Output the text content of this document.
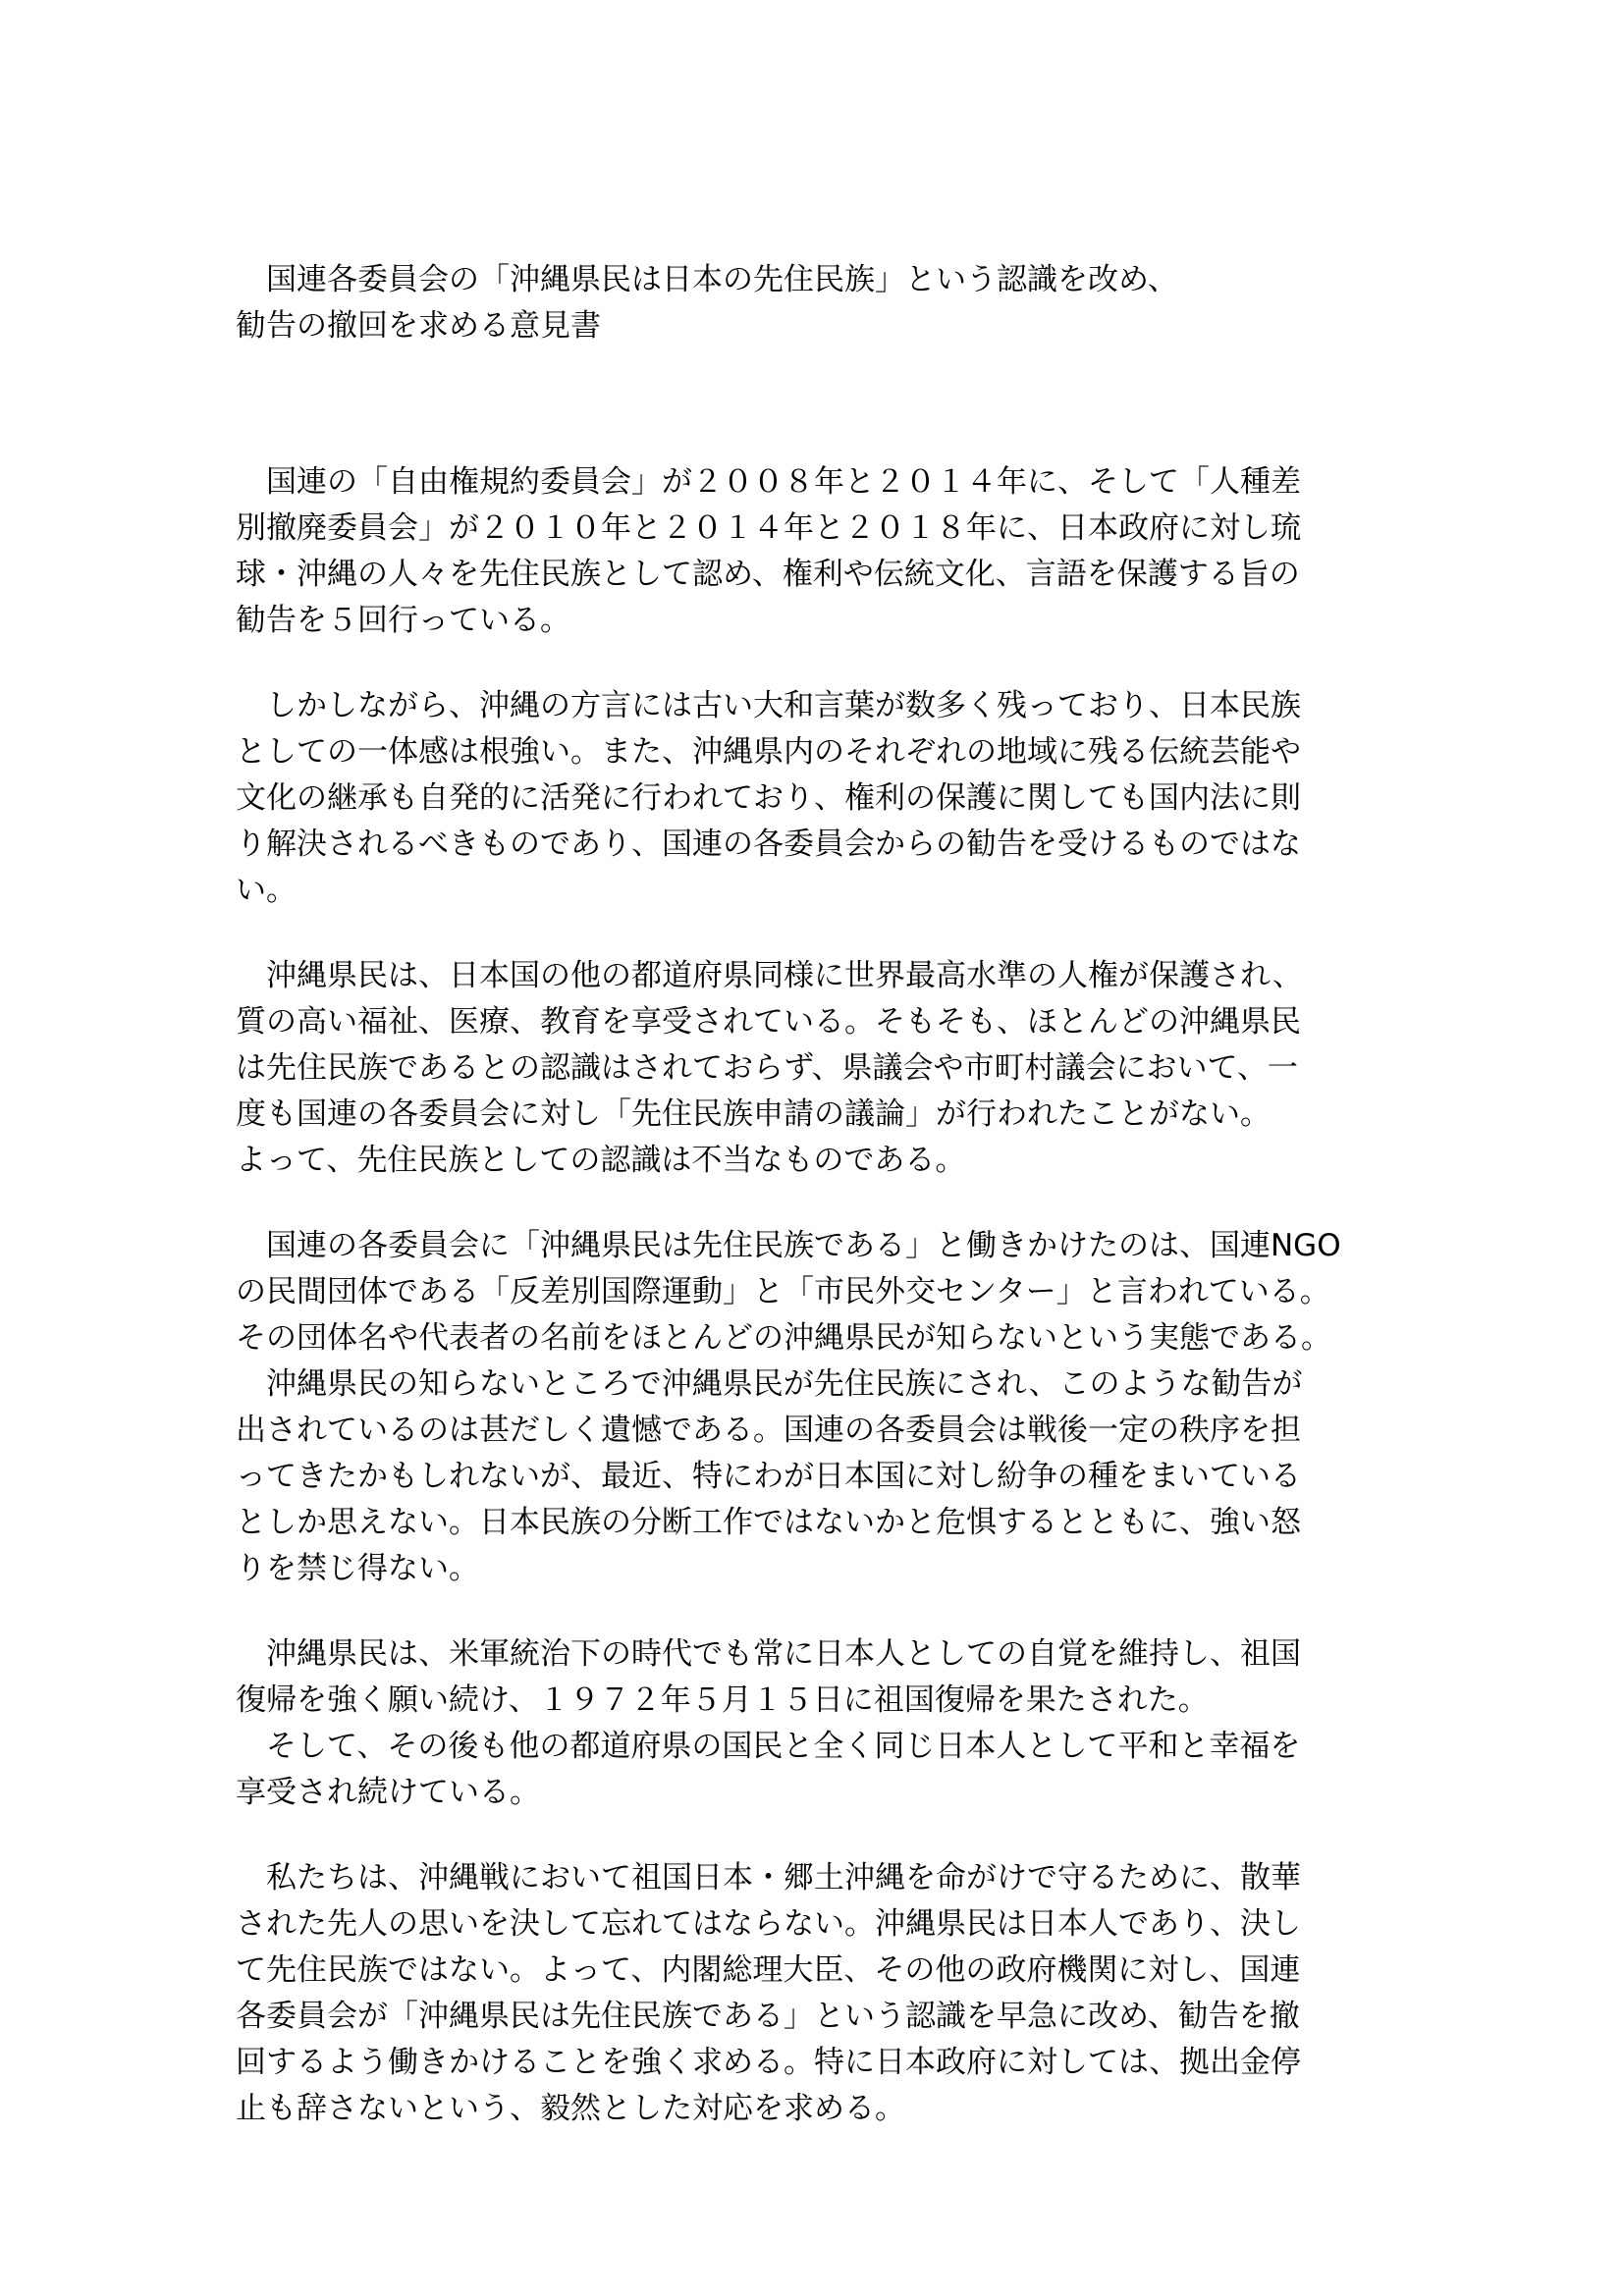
　国連各委員会の「沖縄県民は日本の先住民族」という認識を改め、
勧告の撤回を求める意見書

　国連の「自由権規約委員会」が２００８年と２０１４年に、そして「人種差
別撤廃委員会」が２０１０年と２０１４年と２０１８年に、日本政府に対し琉
球・沖縄の人々を先住民族として認め、権利や伝統文化、言語を保護する旨の
勧告を５回行っている。

　しかしながら、沖縄の方言には古い大和言葉が数多く残っており、日本民族
としての一体感は根強い。また、沖縄県内のそれぞれの地域に残る伝統芸能や
文化の継承も自発的に活発に行われており、権利の保護に関しても国内法に則
り解決されるべきものであり、国連の各委員会からの勧告を受けるものではな
い。

　沖縄県民は、日本国の他の都道府県同様に世界最高水準の人権が保護され、
質の高い福祉、医療、教育を享受されている。そもそも、ほとんどの沖縄県民
は先住民族であるとの認識はされておらず、県議会や市町村議会において、一
度も国連の各委員会に対し「先住民族申請の議論」が行われたことがない。
よって、先住民族としての認識は不当なものである。

　国連の各委員会に「沖縄県民は先住民族である」と働きかけたのは、国連NGO
の民間団体である「反差別国際運動」と「市民外交センター」と言われている。
その団体名や代表者の名前をほとんどの沖縄県民が知らないという実態である。
　沖縄県民の知らないところで沖縄県民が先住民族にされ、このような勧告が
出されているのは甚だしく遺憾である。国連の各委員会は戦後一定の秩序を担
ってきたかもしれないが、最近、特にわが日本国に対し紛争の種をまいている
としか思えない。日本民族の分断工作ではないかと危惧するとともに、強い怒
りを禁じ得ない。

　沖縄県民は、米軍統治下の時代でも常に日本人としての自覚を維持し、祖国
復帰を強く願い続け、１９７２年５月１５日に祖国復帰を果たされた。
　そして、その後も他の都道府県の国民と全く同じ日本人として平和と幸福を
享受され続けている。

　私たちは、沖縄戦において祖国日本・郷土沖縄を命がけで守るために、散華
された先人の思いを決して忘れてはならない。沖縄県民は日本人であり、決し
て先住民族ではない。よって、内閣総理大臣、その他の政府機関に対し、国連
各委員会が「沖縄県民は先住民族である」という認識を早急に改め、勧告を撤
回するよう働きかけることを強く求める。特に日本政府に対しては、拠出金停
止も辞さないという、毅然とした対応を求める。
